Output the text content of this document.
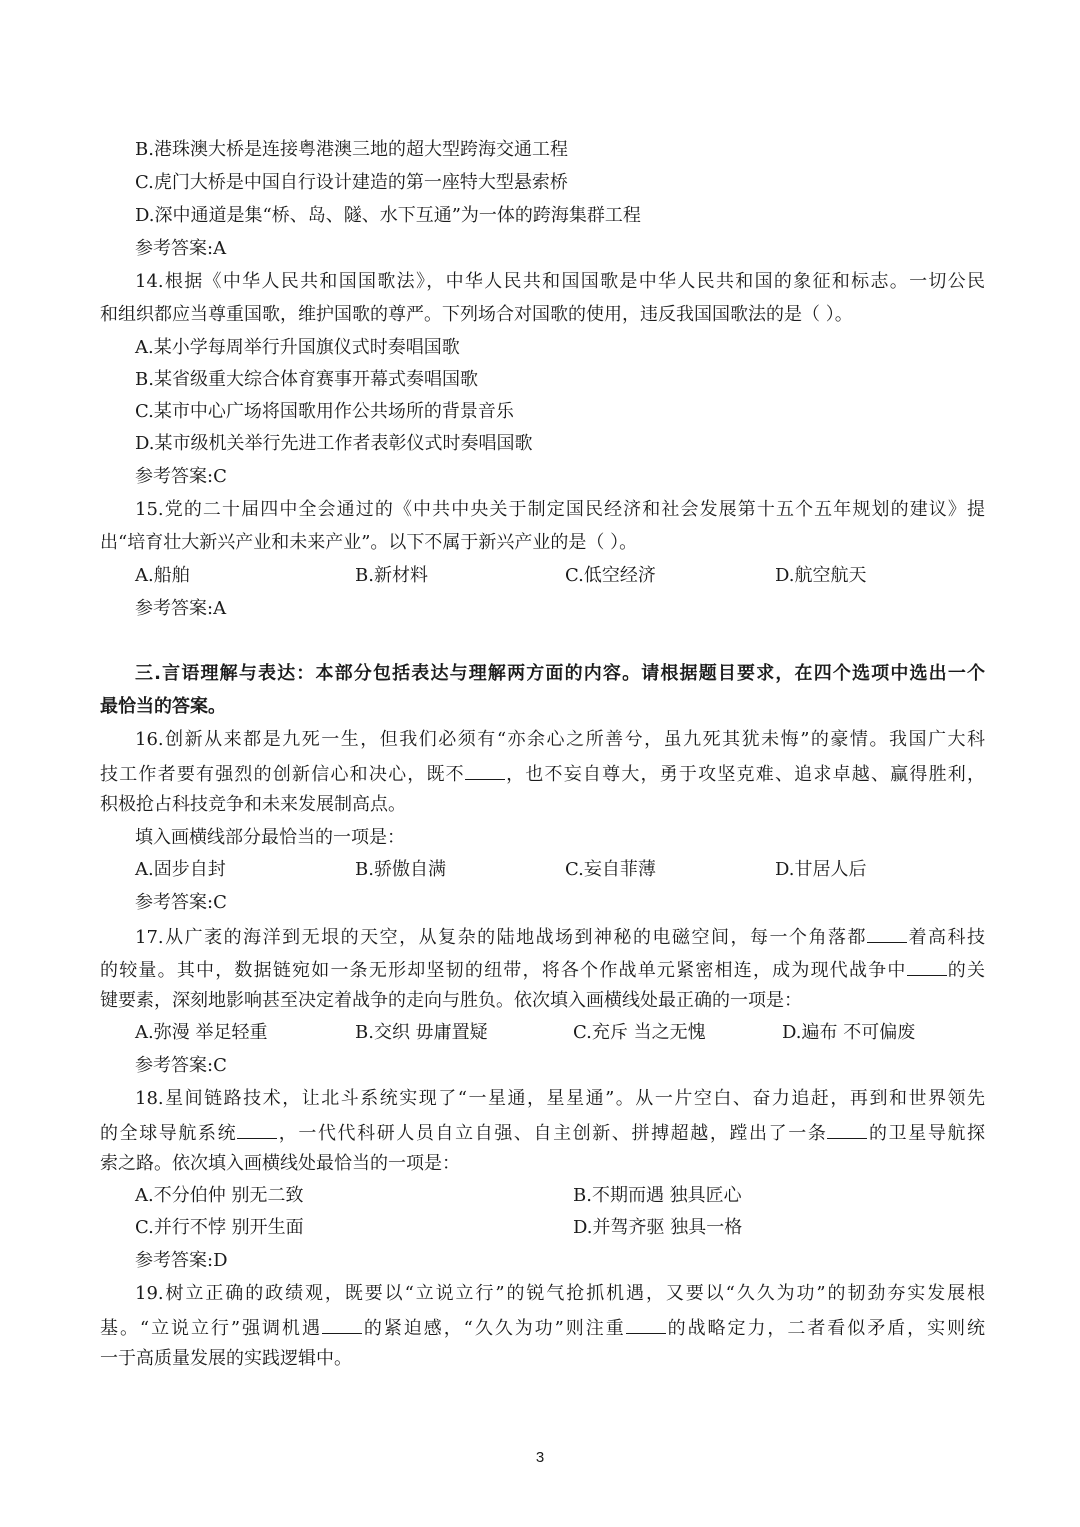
B.港珠澳大桥是连接粤港澳三地的超大型跨海交通工程
C.虎门大桥是中国自行设计建造的第一座特大型悬索桥
D.深中通道是集“桥、岛、隧、水下互通”为一体的跨海集群工程
参考答案:A
14.根据《中华人民共和国国歌法》，中华人民共和国国歌是中华人民共和国的象征和标志。一切公民
和组织都应当尊重国歌，维护国歌的尊严。下列场合对国歌的使用，违反我国国歌法的是（ ）。
A.某小学每周举行升国旗仪式时奏唱国歌
B.某省级重大综合体育赛事开幕式奏唱国歌
C.某市中心广场将国歌用作公共场所的背景音乐
D.某市级机关举行先进工作者表彰仪式时奏唱国歌
参考答案:C
15.党的二十届四中全会通过的《中共中央关于制定国民经济和社会发展第十五个五年规划的建议》提
出“培育壮大新兴产业和未来产业”。以下不属于新兴产业的是（ ）。
A.船舶	B.新材料	C.低空经济	D.航空航天
参考答案:A
三.言语理解与表达：本部分包括表达与理解两方面的内容。请根据题目要求，在四个选项中选出一个
最恰当的答案。
16.创新从来都是九死一生，但我们必须有“亦余心之所善兮，虽九死其犹未悔”的豪情。我国广大科
技工作者要有强烈的创新信心和决心，既不 ，也不妄自尊大，勇于攻坚克难、追求卓越、赢得胜利，
积极抢占科技竞争和未来发展制高点。
填入画横线部分最恰当的一项是：
A.固步自封	B.骄傲自满	C.妄自菲薄	D.甘居人后
参考答案:C
17.从广袤的海洋到无垠的天空，从复杂的陆地战场到神秘的电磁空间，每一个角落都 着高科技
的较量。其中，数据链宛如一条无形却坚韧的纽带，将各个作战单元紧密相连，成为现代战争中 的关
键要素，深刻地影响甚至决定着战争的走向与胜负。依次填入画横线处最正确的一项是：
A.弥漫 举足轻重	B.交织 毋庸置疑	C.充斥 当之无愧	D.遍布 不可偏废
参考答案:C
18.星间链路技术，让北斗系统实现了“一星通，星星通”。从一片空白、奋力追赶，再到和世界领先
的全球导航系统 ，一代代科研人员自立自强、自主创新、拼搏超越，蹚出了一条 的卫星导航探
索之路。依次填入画横线处最恰当的一项是：
A.不分伯仲 别无二致	B.不期而遇 独具匠心
C.并行不悖 别开生面	D.并驾齐驱 独具一格
参考答案:D
19.树立正确的政绩观，既要以“立说立行”的锐气抢抓机遇，又要以“久久为功”的韧劲夯实发展根
基。“立说立行”强调机遇 的紧迫感，“久久为功”则注重 的战略定力，二者看似矛盾，实则统
一于高质量发展的实践逻辑中。
3
